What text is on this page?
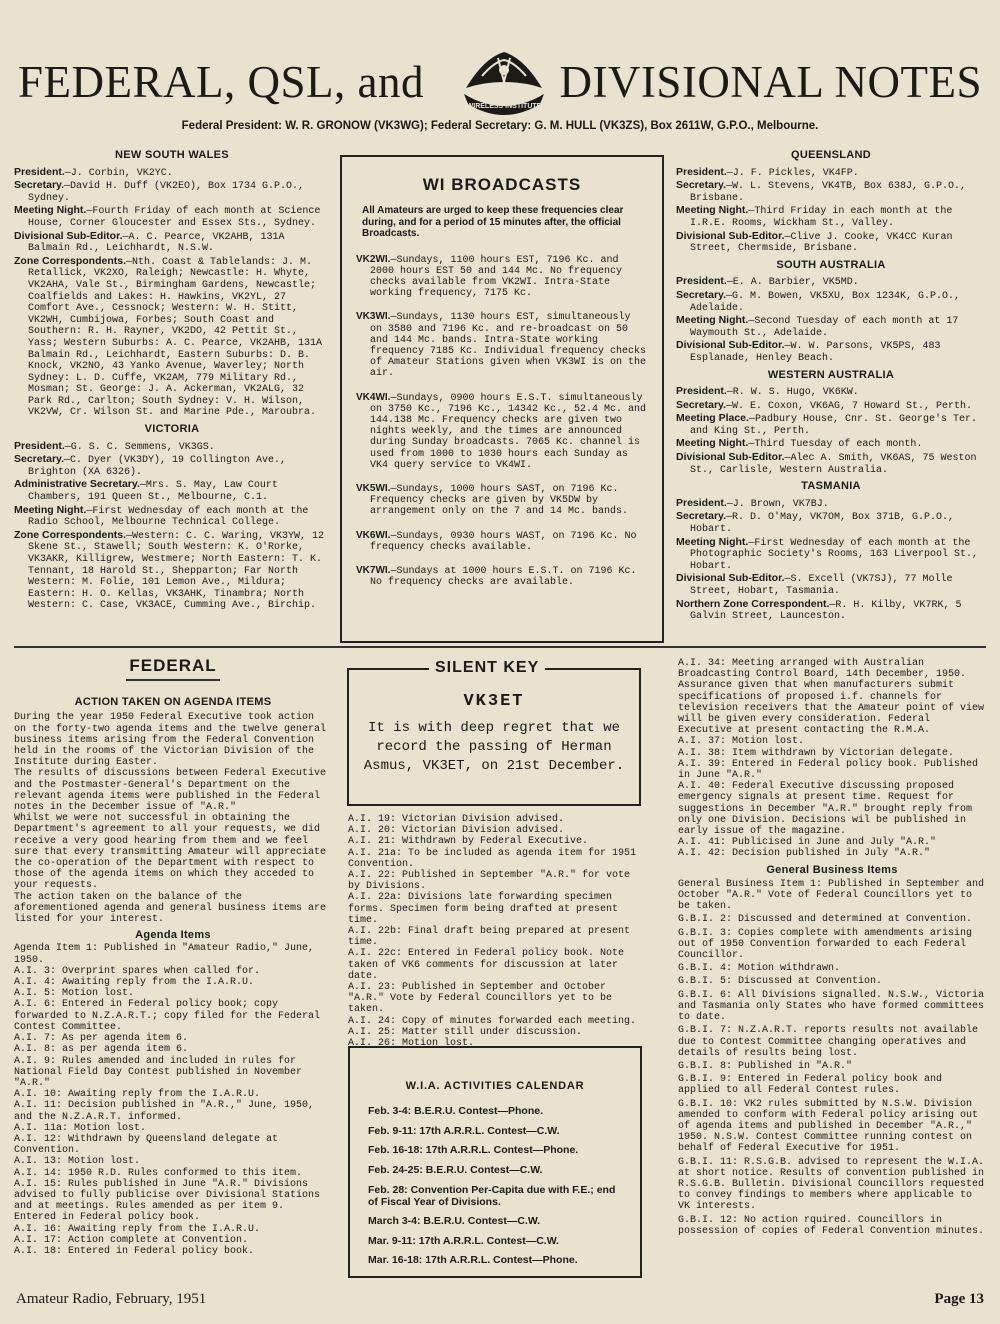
FEDERAL, QSL, and	WIRELESS INSTITUTE DIVISIONAL NOTES
Federal President: W. R. GRONOW (VK3WG); Federal Secretary: G. M. HULL (VK3ZS), Box 2611W, G.P.O., Melbourne.
NEW SOUTH WALES
President.—J. Corbin, VK2YC.
Secretary.—David H. Duff (VK2EO), Box 1734 G.P.O., Sydney.
Meeting Night.—Fourth Friday of each month at Science House, Corner Gloucester and Essex Sts., Sydney.
Divisional Sub-Editor.—A. C. Pearce, VK2AHB, 131A Balmain Rd., Leichhardt, N.S.W.
Zone Correspondents.—Nth. Coast & Tablelands: J. M. Retallick, VK2XO, Raleigh; Newcastle: H. Whyte, VK2AHA, Vale St., Birmingham Gardens, Newcastle; Coalfields and Lakes: H. Hawkins, VK2YL, 27 Comfort Ave., Cessnock; Western: W. H. Stitt, VK2WH, Cumbijowa, Forbes; South Coast and Southern: R. H. Rayner, VK2DO, 42 Pettit St., Yass; Western Suburbs: A. C. Pearce, VK2AHB, 131A Balmain Rd., Leichhardt, Eastern Suburbs: D. B. Knock, VK2NO, 43 Yanko Avenue, Waverley; North Sydney: L. D. Cuffe, VK2AM, 779 Military Rd., Mosman; St. George: J. A. Ackerman, VK2ALG, 32 Park Rd., Carlton; South Sydney: V. H. Wilson, VK2VW, Cr. Wilson St. and Marine Pde., Maroubra.
VICTORIA
President.—G. S. C. Semmens, VK3GS.
Secretary.—C. Dyer (VK3DY), 19 Collington Ave., Brighton (XA 6326).
Administrative Secretary.—Mrs. S. May, Law Court Chambers, 191 Queen St., Melbourne, C.1.
Meeting Night.—First Wednesday of each month at the Radio School, Melbourne Technical College.
Zone Correspondents.—Western: C. C. Waring, VK3YW, 12 Skene St., Stawell; South Western: K. O'Rorke, VK3AKR, Killigrew, Westmere; North Eastern: T. K. Tennant, 18 Harold St., Shepparton; Far North Western: M. Folie, 101 Lemon Ave., Mildura; Eastern: H. O. Kellas, VK3AHK, Tinambra; North Western: C. Case, VK3ACE, Cumming Ave., Birchip.
WI BROADCASTS
All Amateurs are urged to keep these frequencies clear during, and for a period of 15 minutes after, the official Broadcasts.
VK2WI.—Sundays, 1100 hours EST, 7196 Kc. and 2000 hours EST 50 and 144 Mc. No frequency checks available from VK2WI. Intra-State working frequency, 7175 Kc.
VK3WI.—Sundays, 1130 hours EST, simultaneously on 3580 and 7196 Kc. and re-broadcast on 50 and 144 Mc. bands. Intra-State working frequency 7185 Kc. Individual frequency checks of Amateur Stations given when VK3WI is on the air.
VK4WI.—Sundays, 0900 hours E.S.T. simultaneously on 3750 Kc., 7196 Kc., 14342 Kc., 52.4 Mc. and 144.138 Mc. Frequency checks are given two nights weekly, and the times are announced during Sunday broadcasts. 7065 Kc. channel is used from 1000 to 1030 hours each Sunday as VK4 query service to VK4WI.
VK5WI.—Sundays, 1000 hours SAST, on 7196 Kc. Frequency checks are given by VK5DW by arrangement only on the 7 and 14 Mc. bands.
VK6WI.—Sundays, 0930 hours WAST, on 7196 Kc. No frequency checks available.
VK7WI.—Sundays at 1000 hours E.S.T. on 7196 Kc. No frequency checks are available.
QUEENSLAND
President.—J. F. Pickles, VK4FP.
Secretary.—W. L. Stevens, VK4TB, Box 638J, G.P.O., Brisbane.
Meeting Night.—Third Friday in each month at the I.R.E. Rooms, Wickham St., Valley.
Divisional Sub-Editor.—Clive J. Cooke, VK4CC Kuran Street, Chermside, Brisbane.
SOUTH AUSTRALIA
President.—E. A. Barbier, VK5MD.
Secretary.—G. M. Bowen, VK5XU, Box 1234K, G.P.O., Adelaide.
Meeting Night.—Second Tuesday of each month at 17 Waymouth St., Adelaide.
Divisional Sub-Editor.—W. W. Parsons, VK5PS, 483 Esplanade, Henley Beach.
WESTERN AUSTRALIA
President.—R. W. S. Hugo, VK6KW.
Secretary.—W. E. Coxon, VK6AG, 7 Howard St., Perth.
Meeting Place.—Padbury House, Cnr. St. George's Ter. and King St., Perth.
Meeting Night.—Third Tuesday of each month.
Divisional Sub-Editor.—Alec A. Smith, VK6AS, 75 Weston St., Carlisle, Western Australia.
TASMANIA
President.—J. Brown, VK7BJ.
Secretary.—R. D. O'May, VK7OM, Box 371B, G.P.O., Hobart.
Meeting Night.—First Wednesday of each month at the Photographic Society's Rooms, 163 Liverpool St., Hobart.
Divisional Sub-Editor.—S. Excell (VK7SJ), 77 Molle Street, Hobart, Tasmania.
Northern Zone Correspondent.—R. H. Kilby, VK7RK, 5 Galvin Street, Launceston.
FEDERAL
ACTION TAKEN ON AGENDA ITEMS

During the year 1950 Federal Executive took action on the forty-two agenda items and the twelve general business items arising from the Federal Convention held in the rooms of the Victorian Division of the Institute during Easter.

The results of discussions between Federal Executive and the Postmaster-General's Department on the relevant agenda items were published in the Federal notes in the December issue of "A.R."

Whilst we were not successful in obtaining the Department's agreement to all your requests, we did receive a very good hearing from them and we feel sure that every transmitting Amateur will appreciate the co-operation of the Department with respect to those of the agenda items on which they acceded to your requests.

The action taken on the balance of the aforementioned agenda and general business items are listed for your interest.

Agenda Items

Agenda Item 1: Published in "Amateur Radio," June, 1950.

A.I. 3: Overprint spares when called for.

A.I. 4: Awaiting reply from the I.A.R.U.

A.I. 5: Motion lost.

A.I. 6: Entered in Federal policy book; copy forwarded to N.Z.A.R.T.; copy filed for the Federal Contest Committee.

A.I. 7: As per agenda item 6.

A.I. 8: as per agenda item 6.

A.I. 9: Rules amended and included in rules for National Field Day Contest published in November "A.R."

A.I. 10: Awaiting reply from the I.A.R.U.

A.I. 11: Decision published in "A.R.," June, 1950, and the N.Z.A.R.T. informed.

A.I. 11a: Motion lost.

A.I. 12: Withdrawn by Queensland delegate at Convention.

A.I. 13: Motion lost.

A.I. 14: 1950 R.D. Rules conformed to this item.

A.I. 15: Rules published in June "A.R." Divisions advised to fully publicise over Divisional Stations and at meetings. Rules amended as per item 9. Entered in Federal policy book.

A.I. 16: Awaiting reply from the I.A.R.U.

A.I. 17: Action complete at Convention.

A.I. 18: Entered in Federal policy book.

SILENT KEY
VK3ET
It is with deep regret that we record the passing of Herman Asmus, VK3ET, on 21st December.

A.I. 19: Victorian Division advised.

A.I. 20: Victorian Division advised.

A.I. 21: Withdrawn by Federal Executive.

A.I. 21a: To be included as agenda item for 1951 Convention.

A.I. 22: Published in September "A.R." for vote by Divisions.

A.I. 22a: Divisions late forwarding specimen forms. Specimen form being drafted at present time.

A.I. 22b: Final draft being prepared at present time.

A.I. 22c: Entered in Federal policy book. Note taken of VK6 comments for discussion at later date.

A.I. 23: Published in September and October "A.R." Vote by Federal Councillors yet to be taken.

A.I. 24: Copy of minutes forwarded each meeting.

A.I. 25: Matter still under discussion.

A.I. 26: Motion lost.

W.I.A. ACTIVITIES CALENDAR
Feb. 3-4: B.E.R.U. Contest—Phone.
Feb. 9-11: 17th A.R.R.L. Contest—C.W.
Feb. 16-18: 17th A.R.R.L. Contest—Phone.
Feb. 24-25: B.E.R.U. Contest—C.W.
Feb. 28: Convention Per-Capita due with F.E.; end of Fiscal Year of Divisions.
March 3-4: B.E.R.U. Contest—C.W.
Mar. 9-11: 17th A.R.R.L. Contest—C.W.
Mar. 16-18: 17th A.R.R.L. Contest—Phone.

A.I. 34: Meeting arranged with Australian Broadcasting Control Board, 14th December, 1950. Assurance given that when manufacturers submit specifications of proposed i.f. channels for television receivers that the Amateur point of view will be given every consideration. Federal Executive at present contacting the R.M.A.

A.I. 37: Motion lost.

A.I. 38: Item withdrawn by Victorian delegate.

A.I. 39: Entered in Federal policy book. Published in June "A.R."

A.I. 40: Federal Executive discussing proposed emergency signals at present time. Request for suggestions in December "A.R." brought reply from only one Division. Decisions wil be published in early issue of the magazine.

A.I. 41: Publicised in June and July "A.R."

A.I. 42: Decision published in July "A.R."

General Business Items

General Business Item 1: Published in September and October "A.R." Vote of Federal Councillors yet to be taken.

G.B.I. 2: Discussed and determined at Convention.

G.B.I. 3: Copies complete with amendments arising out of 1950 Convention forwarded to each Federal Councillor.

G.B.I. 4: Motion withdrawn.

G.B.I. 5: Discussed at Convention.

G.B.I. 6: All Divisions signalled. N.S.W., Victoria and Tasmania only States who have formed committees to date.

G.B.I. 7: N.Z.A.R.T. reports results not available due to Contest Committee changing operatives and details of results being lost.

G.B.I. 8: Published in "A.R."

G.B.I. 9: Entered in Federal policy book and applied to all Federal Contest rules.

G.B.I. 10: VK2 rules submitted by N.S.W. Division amended to conform with Federal policy arising out of agenda items and published in December "A.R.," 1950. N.S.W. Contest Committee running contest on behalf of Federal Executive for 1951.

G.B.I. 11: R.S.G.B. advised to represent the W.I.A. at short notice. Results of convention published in R.S.G.B. Bulletin. Divisional Councillors requested to convey findings to members where applicable to VK interests.

G.B.I. 12: No action rquired. Councillors in possession of copies of Federal Convention minutes.

Amateur Radio, February, 1951	Page 13
